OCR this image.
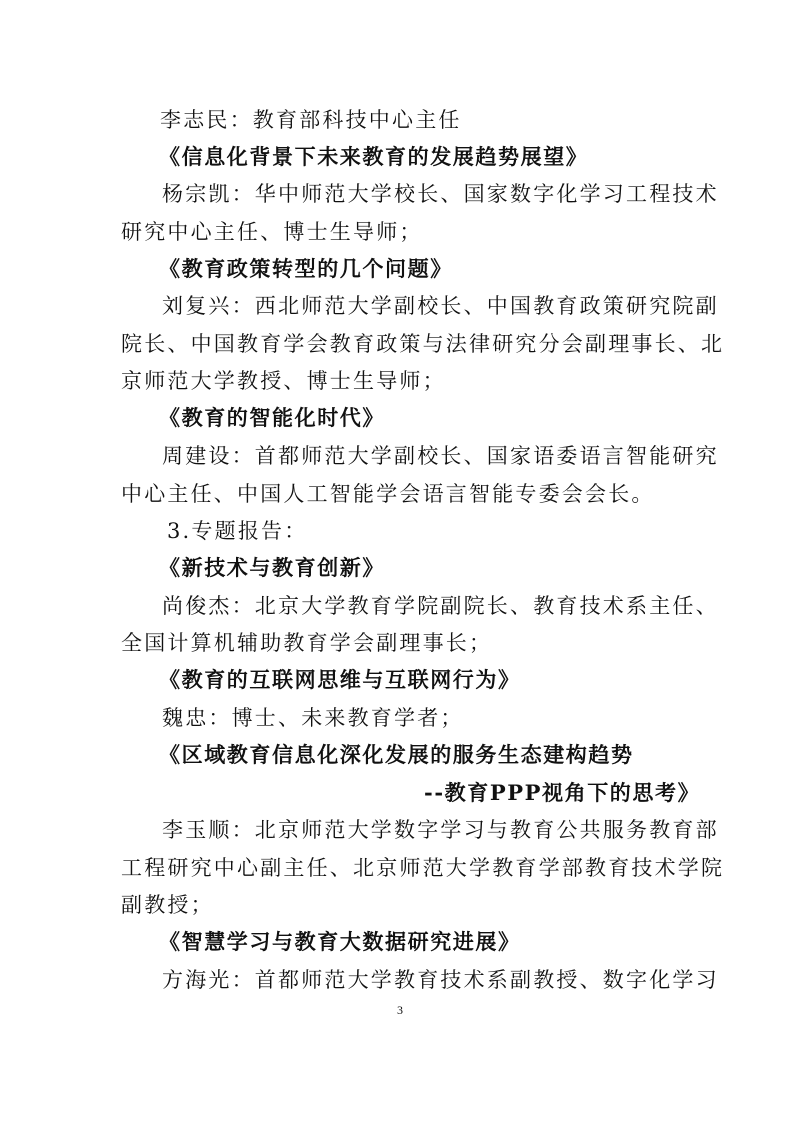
李志民：教育部科技中心主任
《信息化背景下未来教育的发展趋势展望》
杨宗凯：华中师范大学校长、国家数字化学习工程技术
研究中心主任、博士生导师；
《教育政策转型的几个问题》
刘复兴：西北师范大学副校长、中国教育政策研究院副
院长、中国教育学会教育政策与法律研究分会副理事长、北
京师范大学教授、博士生导师；
《教育的智能化时代》
周建设：首都师范大学副校长、国家语委语言智能研究
中心主任、中国人工智能学会语言智能专委会会长。
3.专题报告：
《新技术与教育创新》
尚俊杰：北京大学教育学院副院长、教育技术系主任、
全国计算机辅助教育学会副理事长；
《教育的互联网思维与互联网行为》
魏忠：博士、未来教育学者；
《区域教育信息化深化发展的服务生态建构趋势
--教育PPP视角下的思考》
李玉顺：北京师范大学数字学习与教育公共服务教育部
工程研究中心副主任、北京师范大学教育学部教育技术学院
副教授；
《智慧学习与教育大数据研究进展》
方海光：首都师范大学教育技术系副教授、数字化学习
3
